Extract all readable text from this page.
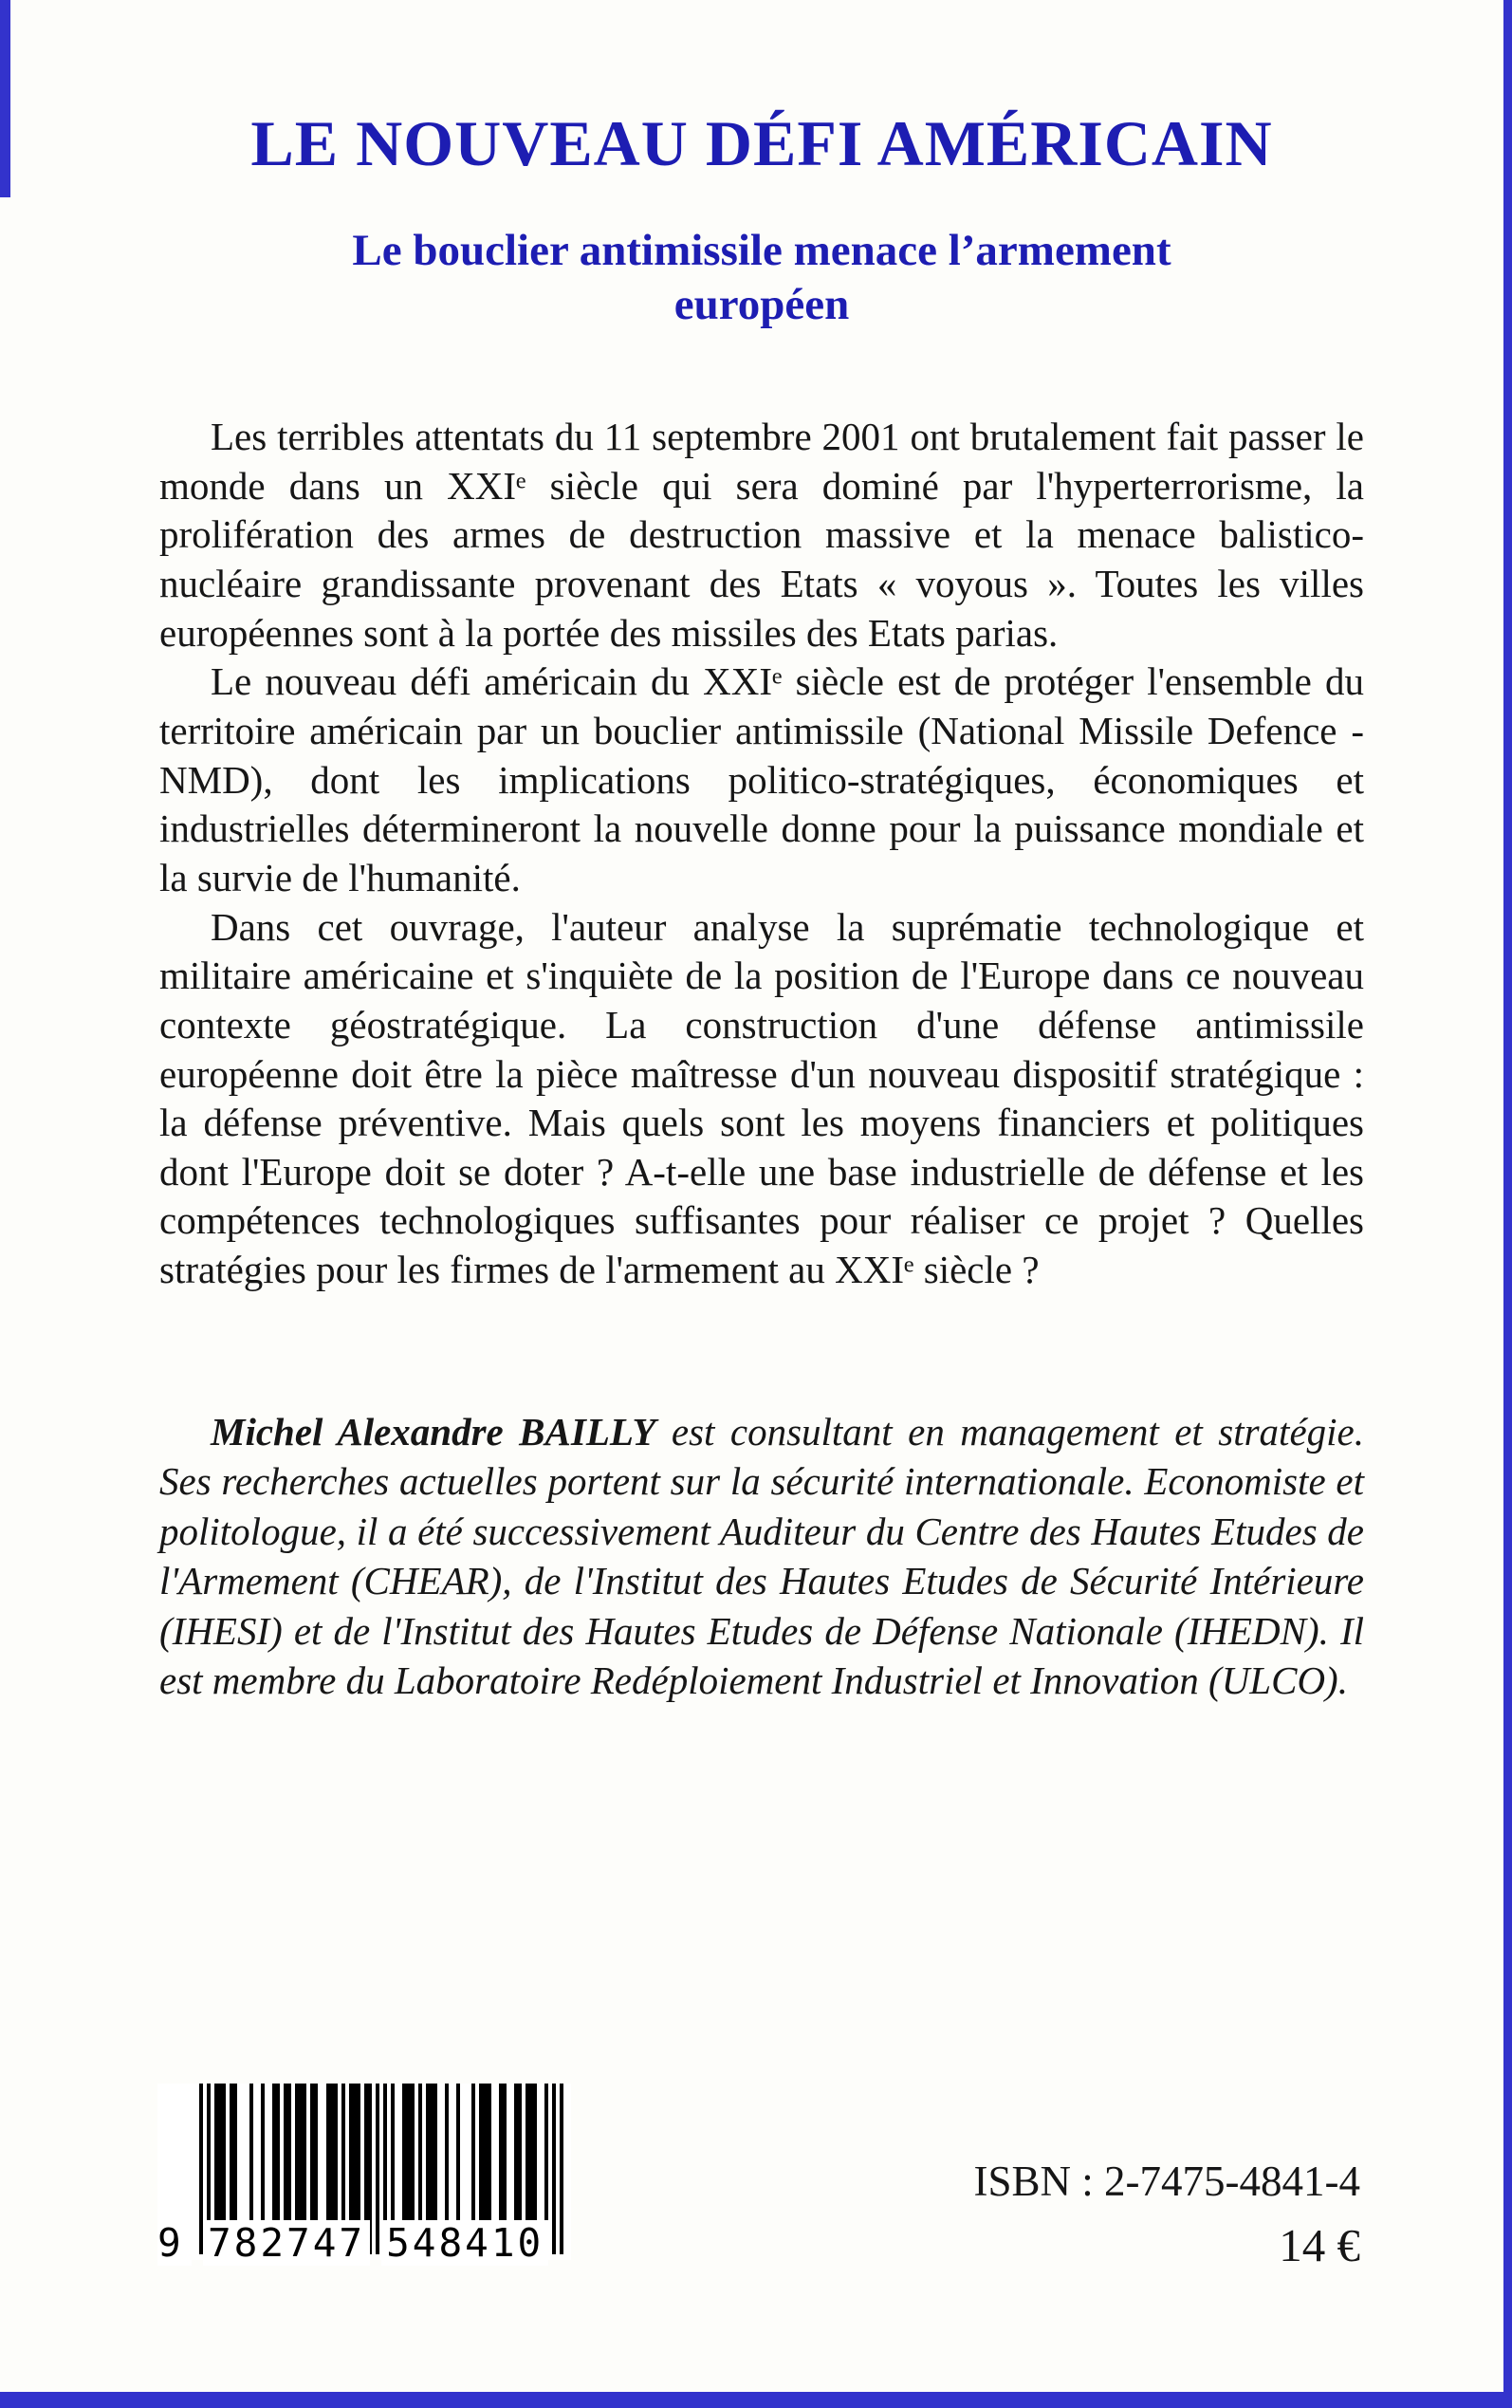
LE NOUVEAU DÉFI AMÉRICAIN
Le bouclier antimissile menace l’armement européen

Les terribles attentats du 11 septembre 2001 ont brutalement fait passer le monde dans un XXIᵉ siècle qui sera dominé par l'hyperterrorisme, la prolifération des armes de destruction massive et la menace balistico-nucléaire grandissante provenant des Etats « voyous ». Toutes les villes européennes sont à la portée des missiles des Etats parias.

Le nouveau défi américain du XXIᵉ siècle est de protéger l'ensemble du territoire américain par un bouclier antimissile (National Missile Defence - NMD), dont les implications politico-stratégiques, économiques et industrielles détermineront la nouvelle donne pour la puissance mondiale et la survie de l'humanité.

Dans cet ouvrage, l'auteur analyse la suprématie technologique et militaire américaine et s'inquiète de la position de l'Europe dans ce nouveau contexte géostratégique. La construction d'une défense antimissile européenne doit être la pièce maîtresse d'un nouveau dispositif stratégique : la défense préventive. Mais quels sont les moyens financiers et politiques dont l'Europe doit se doter ? A-t-elle une base industrielle de défense et les compétences technologiques suffisantes pour réaliser ce projet ? Quelles stratégies pour les firmes de l'armement au XXIᵉ siècle ?

Michel Alexandre BAILLY est consultant en management et stratégie. Ses recherches actuelles portent sur la sécurité internationale. Economiste et politologue, il a été successivement Auditeur du Centre des Hautes Etudes de l'Armement (CHEAR), de l'Institut des Hautes Etudes de Sécurité Intérieure (IHESI) et de l'Institut des Hautes Etudes de Défense Nationale (IHEDN). Il est membre du Laboratoire Redéploiement Industriel et Innovation (ULCO).

9 782747 548410
ISBN : 2-7475-4841-4
14 €
